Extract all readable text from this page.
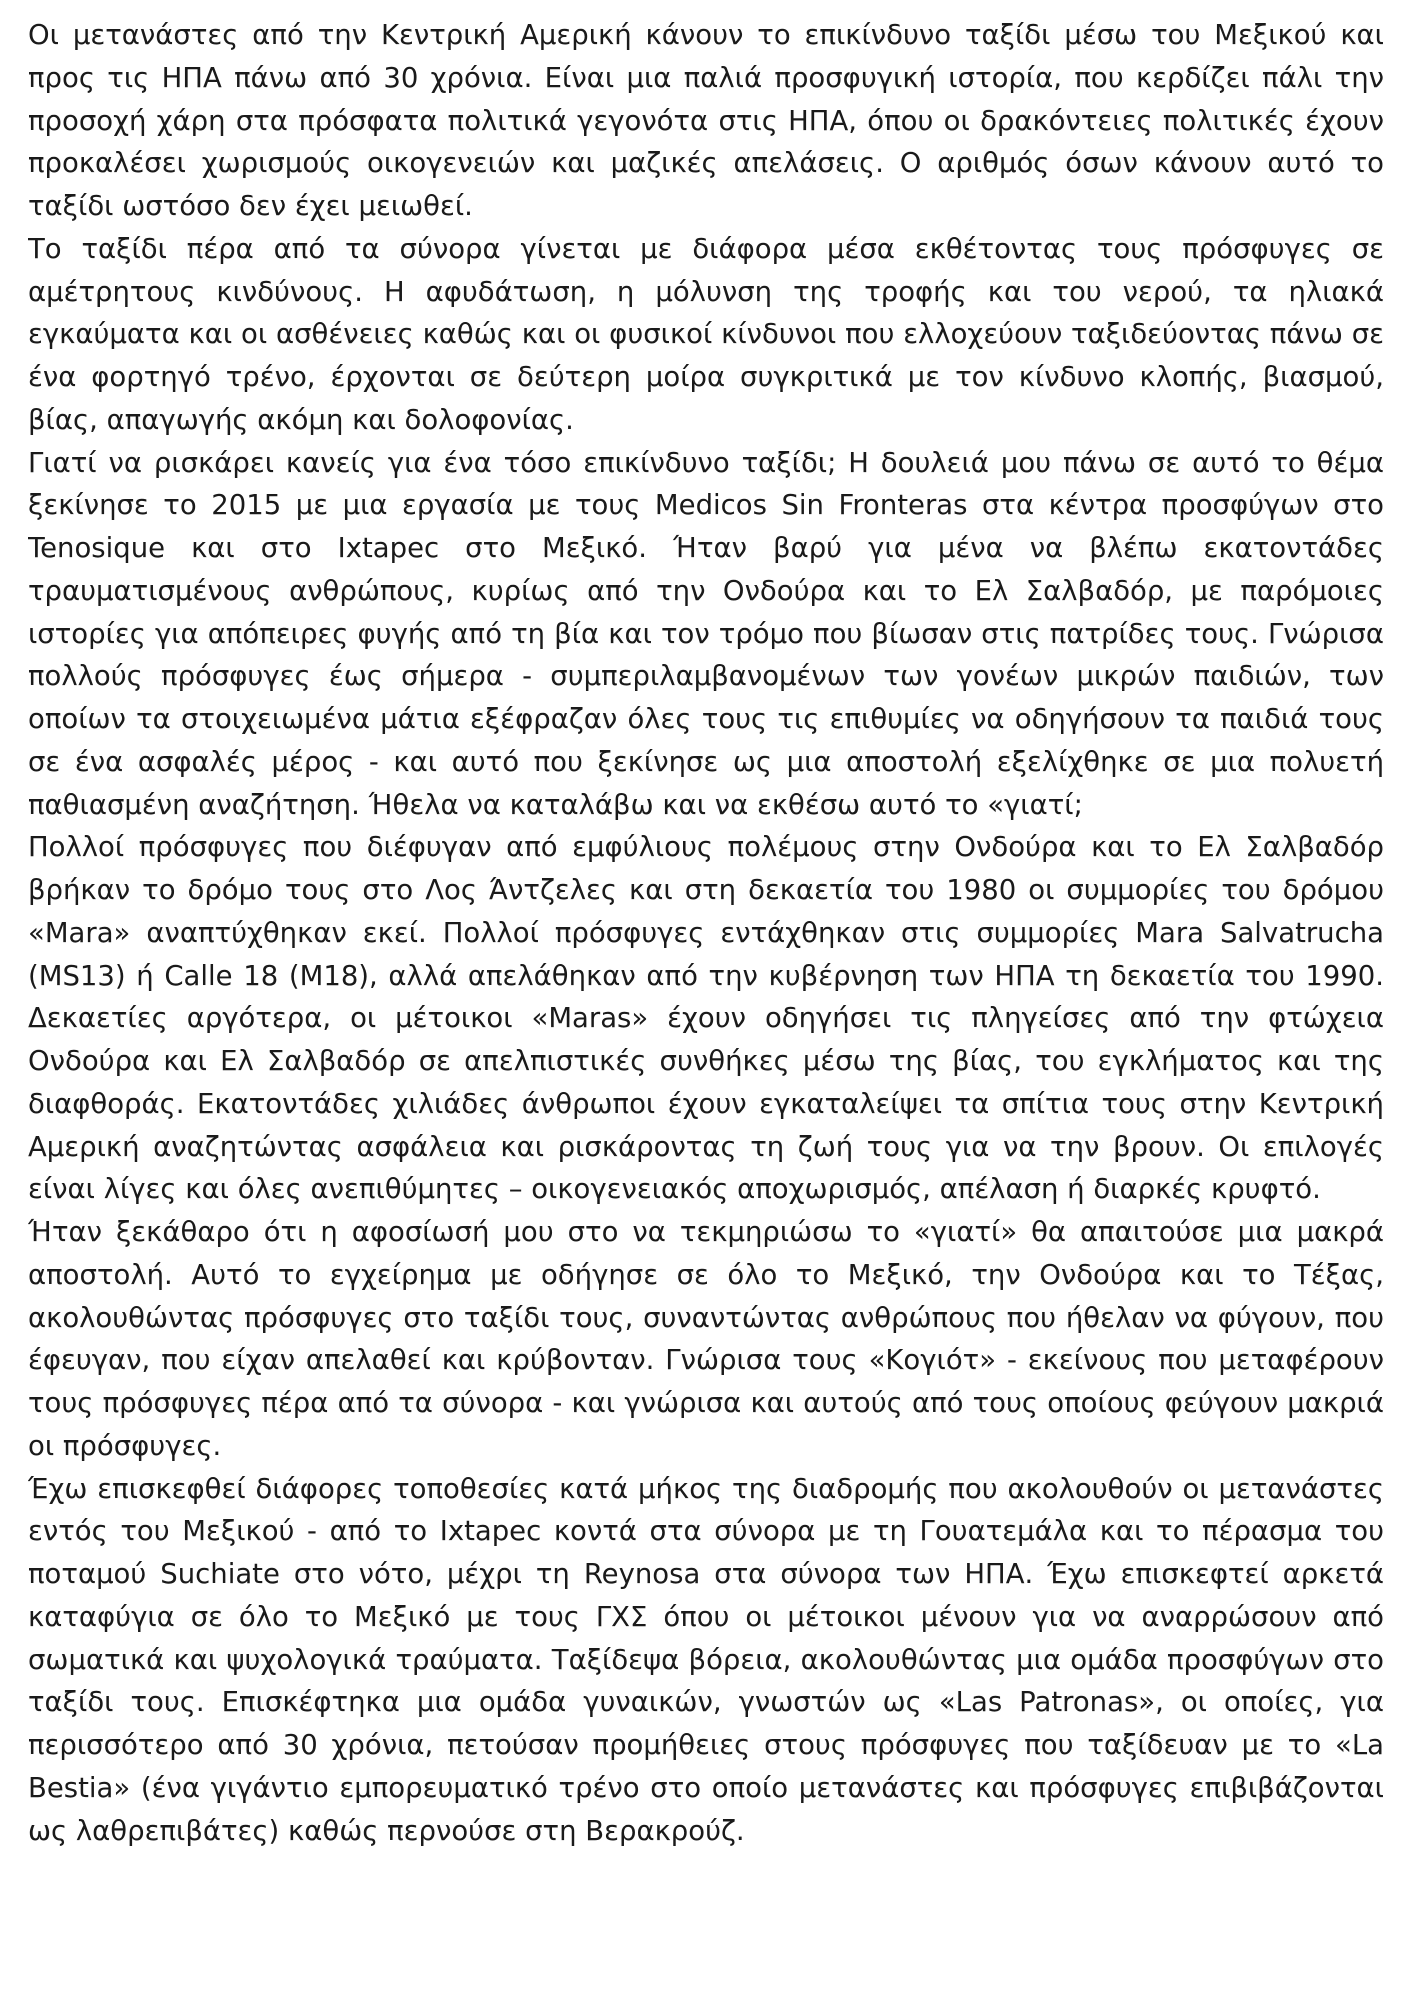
Οι μετανάστες από την Κεντρική Αμερική κάνουν το επικίνδυνο ταξίδι μέσω του Μεξικού και προς τις ΗΠΑ πάνω από 30 χρόνια. Είναι μια παλιά προσφυγική ιστορία, που κερδίζει πάλι την προσοχή χάρη στα πρόσφατα πολιτικά γεγονότα στις ΗΠΑ, όπου οι δρακόντειες πολιτικές έχουν προκαλέσει χωρισμούς οικογενειών και μαζικές απελάσεις. Ο αριθμός όσων κάνουν αυτό το ταξίδι ωστόσο δεν έχει μειωθεί.

Το ταξίδι πέρα από τα σύνορα γίνεται με διάφορα μέσα εκθέτοντας τους πρόσφυγες σε αμέτρητους κινδύνους. Η αφυδάτωση, η μόλυνση της τροφής και του νερού, τα ηλιακά εγκαύματα και οι ασθένειες καθώς και οι φυσικοί κίνδυνοι που ελλοχεύουν ταξιδεύοντας πάνω σε ένα φορτηγό τρένο, έρχονται σε δεύτερη μοίρα συγκριτικά με τον κίνδυνο κλοπής, βιασμού, βίας, απαγωγής ακόμη και δολοφονίας.

Γιατί να ρισκάρει κανείς για ένα τόσο επικίνδυνο ταξίδι; Η δουλειά μου πάνω σε αυτό το θέμα ξεκίνησε το 2015 με μια εργασία με τους Medicos Sin Fronteras στα κέντρα προσφύγων στο Tenosique και στο Ixtapec στο Μεξικό. Ήταν βαρύ για μένα να βλέπω εκατοντάδες τραυματισμένους ανθρώπους, κυρίως από την Ονδούρα και το Ελ Σαλβαδόρ, με παρόμοιες ιστορίες για απόπειρες φυγής από τη βία και τον τρόμο που βίωσαν στις πατρίδες τους. Γνώρισα πολλούς πρόσφυγες έως σήμερα - συμπεριλαμβανομένων των γονέων μικρών παιδιών, των οποίων τα στοιχειωμένα μάτια εξέφραζαν όλες τους τις επιθυμίες να οδηγήσουν τα παιδιά τους σε ένα ασφαλές μέρος - και αυτό που ξεκίνησε ως μια αποστολή εξελίχθηκε σε μια πολυετή παθιασμένη αναζήτηση. Ήθελα να καταλάβω και να εκθέσω αυτό το «γιατί;

Πολλοί πρόσφυγες που διέφυγαν από εμφύλιους πολέμους στην Ονδούρα και το Ελ Σαλβαδόρ βρήκαν το δρόμο τους στο Λος Άντζελες και στη δεκαετία του 1980 οι συμμορίες του δρόμου «Mara» αναπτύχθηκαν εκεί. Πολλοί πρόσφυγες εντάχθηκαν στις συμμορίες Mara Salvatrucha (MS13) ή Calle 18 (M18), αλλά απελάθηκαν από την κυβέρνηση των ΗΠΑ τη δεκαετία του 1990. Δεκαετίες αργότερα, οι μέτοικοι «Maras» έχουν οδηγήσει τις πληγείσες από την φτώχεια Ονδούρα και Ελ Σαλβαδόρ σε απελπιστικές συνθήκες μέσω της βίας, του εγκλήματος και της διαφθοράς. Εκατοντάδες χιλιάδες άνθρωποι έχουν εγκαταλείψει τα σπίτια τους στην Κεντρική Αμερική αναζητώντας ασφάλεια και ρισκάροντας τη ζωή τους για να την βρουν. Οι επιλογές είναι λίγες και όλες ανεπιθύμητες – οικογενειακός αποχωρισμός, απέλαση ή διαρκές κρυφτό.

Ήταν ξεκάθαρο ότι η αφοσίωσή μου στο να τεκμηριώσω το «γιατί» θα απαιτούσε μια μακρά αποστολή. Αυτό το εγχείρημα με οδήγησε σε όλο το Μεξικό, την Ονδούρα και το Τέξας, ακολουθώντας πρόσφυγες στο ταξίδι τους, συναντώντας ανθρώπους που ήθελαν να φύγουν, που έφευγαν, που είχαν απελαθεί και κρύβονταν. Γνώρισα τους «Κογιότ» - εκείνους που μεταφέρουν τους πρόσφυγες πέρα από τα σύνορα - και γνώρισα και αυτούς από τους οποίους φεύγουν μακριά οι πρόσφυγες.

Έχω επισκεφθεί διάφορες τοποθεσίες κατά μήκος της διαδρομής που ακολουθούν οι μετανάστες εντός του Μεξικού - από το Ixtapec κοντά στα σύνορα με τη Γουατεμάλα και το πέρασμα του ποταμού Suchiate στο νότο, μέχρι τη Reynosa στα σύνορα των ΗΠΑ. Έχω επισκεφτεί αρκετά καταφύγια σε όλο το Μεξικό με τους ΓΧΣ όπου οι μέτοικοι μένουν για να αναρρώσουν από σωματικά και ψυχολογικά τραύματα. Ταξίδεψα βόρεια, ακολουθώντας μια ομάδα προσφύγων στο ταξίδι τους. Επισκέφτηκα μια ομάδα γυναικών, γνωστών ως «Las Patronas», οι οποίες, για περισσότερο από 30 χρόνια, πετούσαν προμήθειες στους πρόσφυγες που ταξίδευαν με το «La Bestia» (ένα γιγάντιο εμπορευματικό τρένο στο οποίο μετανάστες και πρόσφυγες επιβιβάζονται ως λαθρεπιβάτες) καθώς περνούσε στη Βερακρούζ.
